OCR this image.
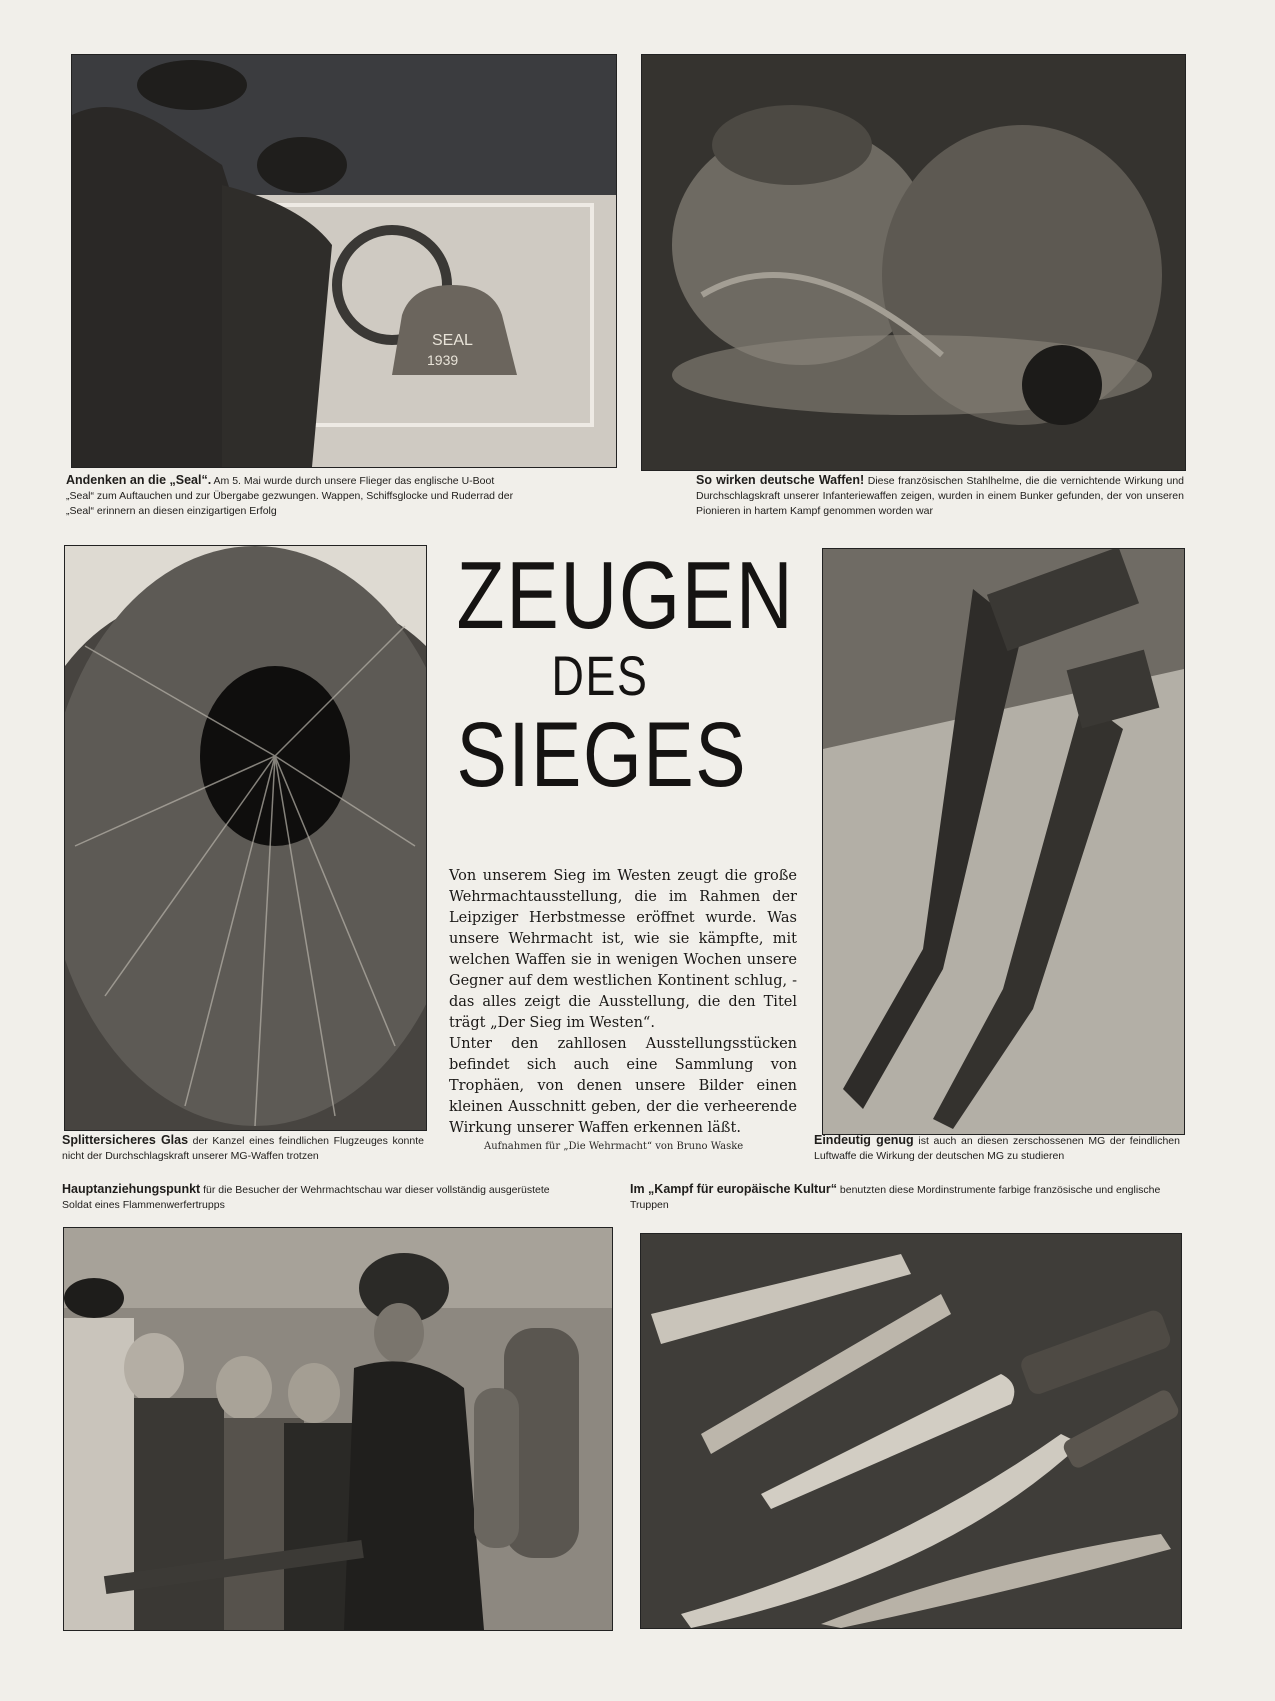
SEAL
1939
Andenken an die „Seal“. Am 5. Mai wurde durch unsere Flieger das englische U-Boot „Seal“ zum Auftauchen und zur Übergabe gezwungen. Wappen, Schiffsglocke und Ruderrad der „Seal“ erinnern an diesen einzigartigen Erfolg
So wirken deutsche Waffen! Diese französischen Stahlhelme, die die vernichtende Wirkung und Durchschlagskraft unserer Infanteriewaffen zeigen, wurden in einem Bunker gefunden, der von unseren Pionieren in hartem Kampf genommen worden war
ZEUGEN
DES
SIEGES

Von unserem Sieg im Westen zeugt die große Wehrmachtausstellung, die im Rahmen der Leipziger Herbstmesse eröffnet wurde. Was unsere Wehrmacht ist, wie sie kämpfte, mit welchen Waffen sie in wenigen Wochen unsere Gegner auf dem westlichen Kontinent schlug, - das alles zeigt die Ausstellung, die den Titel trägt „Der Sieg im Westen“.

Unter den zahllosen Ausstellungsstücken befindet sich auch eine Sammlung von Trophäen, von denen unsere Bilder einen kleinen Ausschnitt geben, der die verheerende Wirkung unserer Waffen erkennen läßt.

Aufnahmen für „Die Wehrmacht“ von Bruno Waske
Splittersicheres Glas der Kanzel eines feindlichen Flugzeuges konnte nicht der Durchschlagskraft unserer MG-Waffen trotzen
Eindeutig genug ist auch an diesen zerschossenen MG der feindlichen Luftwaffe die Wirkung der deutschen MG zu studieren
Hauptanziehungspunkt für die Besucher der Wehrmachtschau war dieser vollständig ausgerüstete Soldat eines Flammenwerfertrupps
Im „Kampf für europäische Kultur“ benutzten diese Mordinstrumente farbige französische und englische Truppen
